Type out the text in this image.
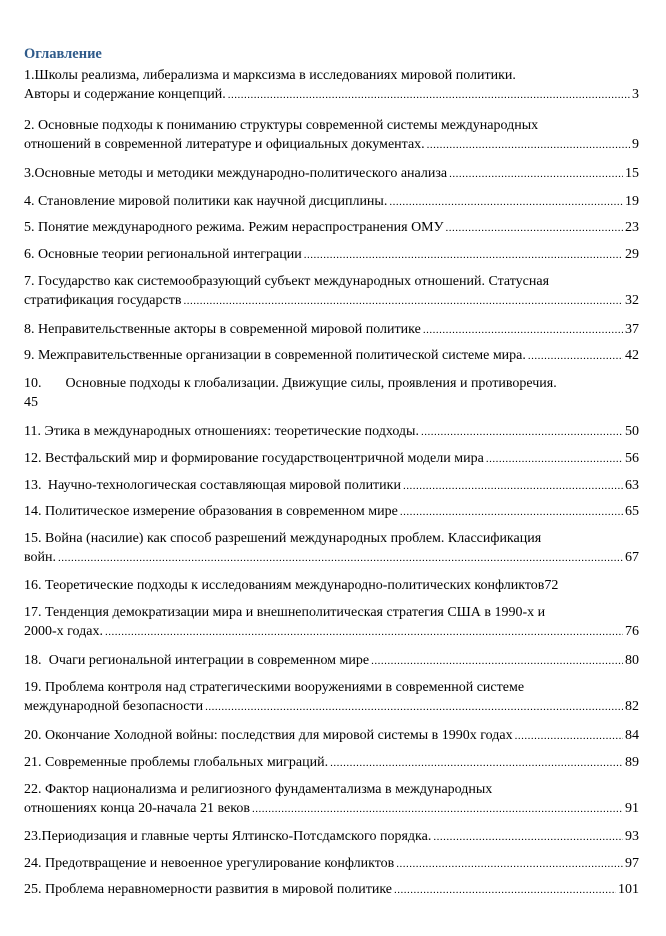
Оглавление
1.Школы реализма, либерализма и марксизма в исследованиях мировой политики.
Авторы и содержание концепций. .....	3
2. Основные подходы к пониманию структуры современной системы международных
отношений в современной литературе и официальных документах. .....	9
3.Основные методы и методики международно-политического анализа .....	15
4. Становление мировой политики как научной дисциплины. .....	19
5. Понятие международного режима. Режим нераспространения ОМУ .....	23
6. Основные теории региональной интеграции .....	29
7. Государство как системообразующий субъект международных отношений. Статусная
стратификация государств .....	32
8. Неправительственные акторы в современной мировой политике .....	37
9. Межправительственные организации в современной политической системе мира. .....	42
10. Основные подходы к глобализации. Движущие силы, проявления и противоречия.
45
11. Этика в международных отношениях: теоретические подходы. .....	50
12. Вестфальский мир и формирование государствоцентричной модели мира .....	56
13. Научно-технологическая составляющая мировой политики .....	63
14. Политическое измерение образования в современном мире .....	65
15. Война (насилие) как способ разрешений международных проблем. Классификация
войн. .....	67
16. Теоретические подходы к исследованиям международно-политических конфликтов 72
17. Тенденция демократизации мира и внешнеполитическая стратегия США в 1990-х и
2000-х годах. .....	76
18. Очаги региональной интеграции в современном мире .....	80
19. Проблема контроля над стратегическими вооружениями в современной системе
международной безопасности .....	82
20. Окончание Холодной войны: последствия для мировой системы в 1990х годах .....	84
21. Современные проблемы глобальных миграций. .....	89
22. Фактор национализма и религиозного фундаментализма в международных
отношениях конца 20-начала 21 веков .....	91
23.Периодизация и главные черты Ялтинско-Потсдамского порядка. .....	93
24. Предотвращение и невоенное урегулирование конфликтов .....	97
25. Проблема неравномерности развития в мировой политике .....	101
